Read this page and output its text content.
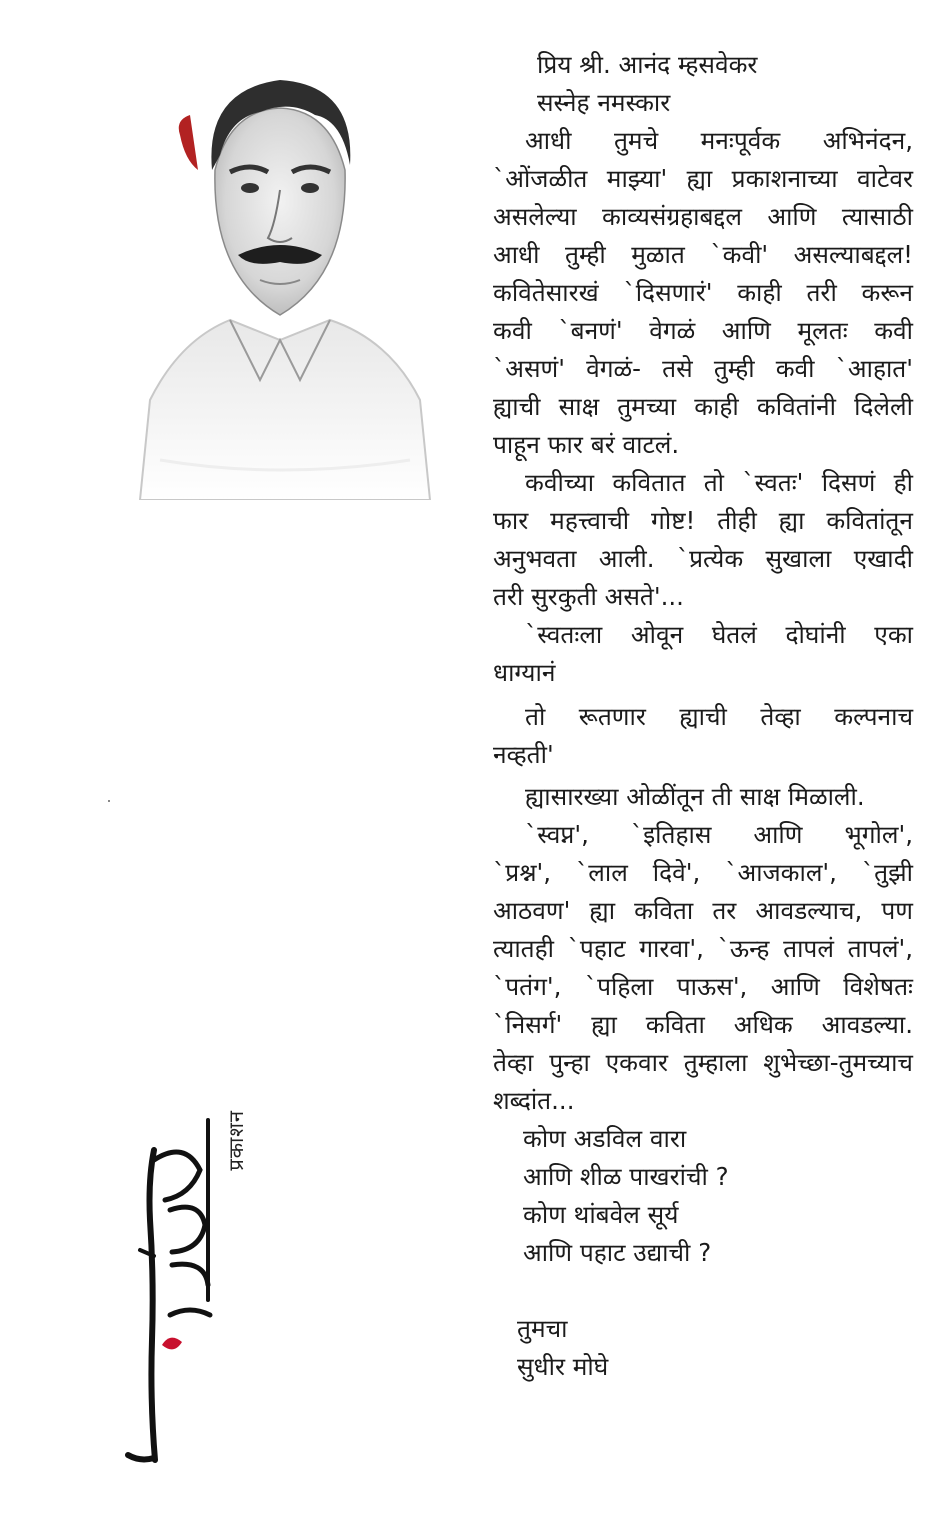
प्रिय श्री. आनंद म्हसवेकर
सस्नेह नमस्कार
आधी तुमचे मनःपूर्वक अभिनंदन,
`ओंजळीत माझ्या' ह्या प्रकाशनाच्या वाटेवर
असलेल्या काव्यसंग्रहाबद्दल आणि त्यासाठी
आधी तुम्ही मुळात `कवी' असल्याबद्दल!
कवितेसारखं `दिसणारं' काही तरी करून
कवी `बनणं' वेगळं आणि मूलतः कवी
`असणं' वेगळं- तसे तुम्ही कवी `आहात'
ह्याची साक्ष तुमच्या काही कवितांनी दिलेली
पाहून फार बरं वाटलं.
कवीच्या कवितात तो `स्वतः' दिसणं ही
फार महत्त्वाची गोष्ट! तीही ह्या कवितांतून
अनुभवता आली. `प्रत्येक सुखाला एखादी
तरी सुरकुती असते'...
`स्वतःला ओवून घेतलं दोघांनी एका
धाग्यानं
तो रूतणार ह्याची तेव्हा कल्पनाच
नव्हती'
ह्यासारख्या ओळींतून ती साक्ष मिळाली.
`स्वप्न', `इतिहास आणि भूगोल',
`प्रश्न', `लाल दिवे', `आजकाल', `तुझी
आठवण' ह्या कविता तर आवडल्याच, पण
त्यातही `पहाट गारवा', `ऊन्ह तापलं तापलं',
`पतंग', `पहिला पाऊस', आणि विशेषतः
`निसर्ग' ह्या कविता अधिक आवडल्या.
तेव्हा पुन्हा एकवार तुम्हाला शुभेच्छा-तुमच्याच
शब्दांत...
कोण अडविल वारा
आणि शीळ पाखरांची ?
कोण थांबवेल सूर्य
आणि पहाट उद्याची ?
तुमचा
सुधीर मोघे
प्रकाशन
